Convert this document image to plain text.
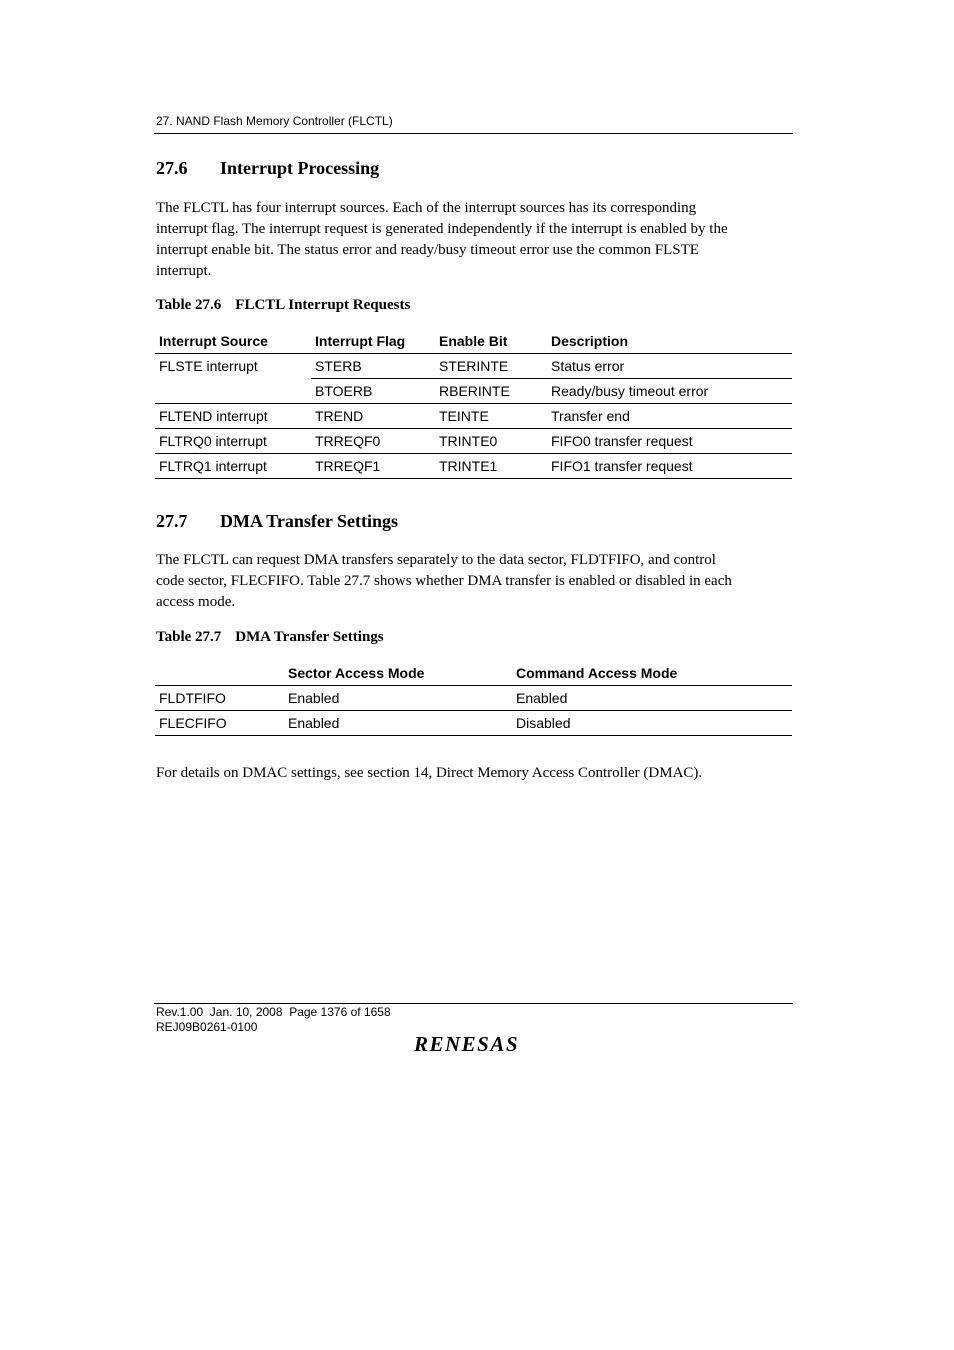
27. NAND Flash Memory Controller (FLCTL)
27.6 Interrupt Processing

The FLCTL has four interrupt sources. Each of the interrupt sources has its corresponding
interrupt flag. The interrupt request is generated independently if the interrupt is enabled by the
interrupt enable bit. The status error and ready/busy timeout error use the common FLSTE
interrupt.

Table 27.6 FLCTL Interrupt Requests
Interrupt Source	Interrupt Flag	Enable Bit	Description
FLSTE interrupt	STERB	STERINTE	Status error
	BTOERB	RBERINTE	Ready/busy timeout error
FLTEND interrupt	TREND	TEINTE	Transfer end
FLTRQ0 interrupt	TRREQF0	TRINTE0	FIFO0 transfer request
FLTRQ1 interrupt	TRREQF1	TRINTE1	FIFO1 transfer request
27.7 DMA Transfer Settings

The FLCTL can request DMA transfers separately to the data sector, FLDTFIFO, and control
code sector, FLECFIFO. Table 27.7 shows whether DMA transfer is enabled or disabled in each
access mode.

Table 27.7 DMA Transfer Settings
	Sector Access Mode	Command Access Mode
FLDTFIFO	Enabled	Enabled
FLECFIFO	Enabled	Disabled

For details on DMAC settings, see section 14, Direct Memory Access Controller (DMAC).

Rev.1.00  Jan. 10, 2008  Page 1376 of 1658
REJ09B0261-0100
RENESAS
